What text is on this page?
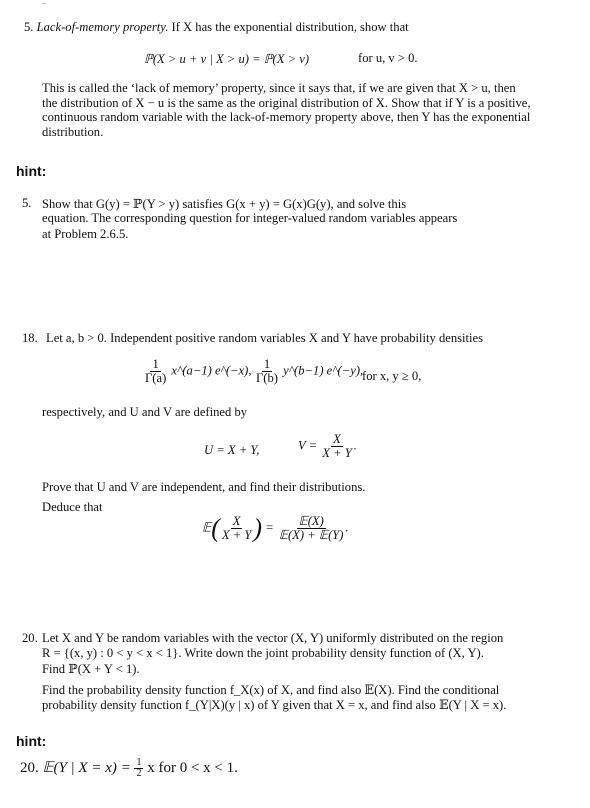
¯
5. Lack-of-memory property. If X has the exponential distribution, show that
ℙ(X > u + v | X > u) = ℙ(X > v)	for u, v > 0.
This is called the ‘lack of memory’ property, since it says that, if we are given that X > u, then the distribution of X − u is the same as the original distribution of X. Show that if Y is a positive, continuous random variable with the lack-of-memory property above, then Y has the exponential distribution.
hint:
5. Show that G(y) = ℙ(Y > y) satisfies G(x + y) = G(x)G(y), and solve this
equation. The corresponding question for integer-valued random variables appears
at Problem 2.6.5.
18. Let a, b > 0. Independent positive random variables X and Y have probability densities
$\frac{1}{\Gamma(a)}$ x^(a−1) e^(−x), $\frac{1}{\Gamma(b)}$ y^(b−1) e^(−y),
for x, y ≥ 0,
respectively, and U and V are defined by
U = X + Y,	$V = \frac{X}{X + Y}$ .
Prove that U and V are independent, and find their distributions.
Deduce that
𝔼( $\frac{X}{X + Y}$ ) = $\frac{\text{𝔼(X)}}{\text{𝔼(X) + 𝔼(Y)}}$ .
20. Let X and Y be random variables with the vector (X, Y) uniformly distributed on the region
R = {(x, y) : 0 < y < x < 1}. Write down the joint probability density function of (X, Y).
Find ℙ(X + Y < 1).
Find the probability density function f_X(x) of X, and find also 𝔼(X). Find the conditional
probability density function f_(Y|X)(y | x) of Y given that X = x, and find also 𝔼(Y | X = x).
hint:
20. 𝔼(Y | $X = x) = \frac{1}{2}$ x for 0 < x < 1.
